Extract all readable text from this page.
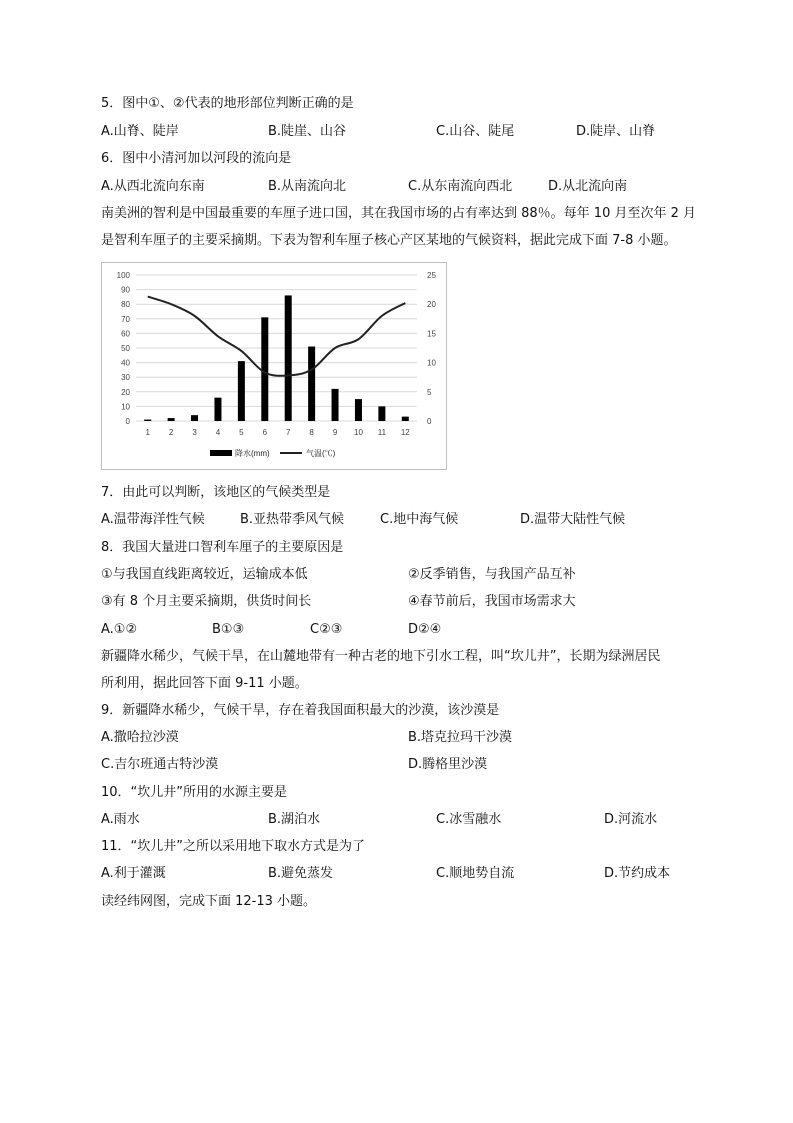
5．图中①、②代表的地形部位判断正确的是
A.山脊、陡岸	B.陡崖、山谷	C.山谷、陡尾	D.陡岸、山脊
6．图中小清河加以河段的流向是
A.从西北流向东南	B.从南流向北	C.从东南流向西北	D.从北流向南
南美洲的智利是中国最重要的车厘子进口国，其在我国市场的占有率达到 88％。每年 10 月至次年 2 月
是智利车厘子的主要采摘期。下表为智利车厘子核心产区某地的气候资料，据此完成下面 7-8 小题。
0
10
20
30
40
50
60
70
80
90
100
0
5
10
15
20
25
1 2 3 4 5 6 7 8 9 10 11 12
降水(mm)	气温(℃)
7．由此可以判断，该地区的气候类型是
A.温带海洋性气候	B.亚热带季风气候	C.地中海气候	D.温带大陆性气候
8．我国大量进口智利车厘子的主要原因是
①与我国直线距离较近，运输成本低	②反季销售，与我国产品互补
③有 8 个月主要采摘期，供货时间长	④春节前后，我国市场需求大
A.①②	B①③	C②③	D②④
新疆降水稀少，气候干旱，在山麓地带有一种古老的地下引水工程，叫“坎儿井”，长期为绿洲居民
所利用，据此回答下面 9-11 小题。
9．新疆降水稀少，气候干旱，存在着我国面积最大的沙漠，该沙漠是
A.撒哈拉沙漠	B.塔克拉玛干沙漠
C.吉尔班通古特沙漠	D.腾格里沙漠
10．“坎儿井”所用的水源主要是
A.雨水	B.湖泊水	C.冰雪融水	D.河流水
11．“坎儿井”之所以采用地下取水方式是为了
A.利于灌溉	B.避免蒸发	C.顺地势自流	D.节约成本
读经纬网图，完成下面 12-13 小题。
